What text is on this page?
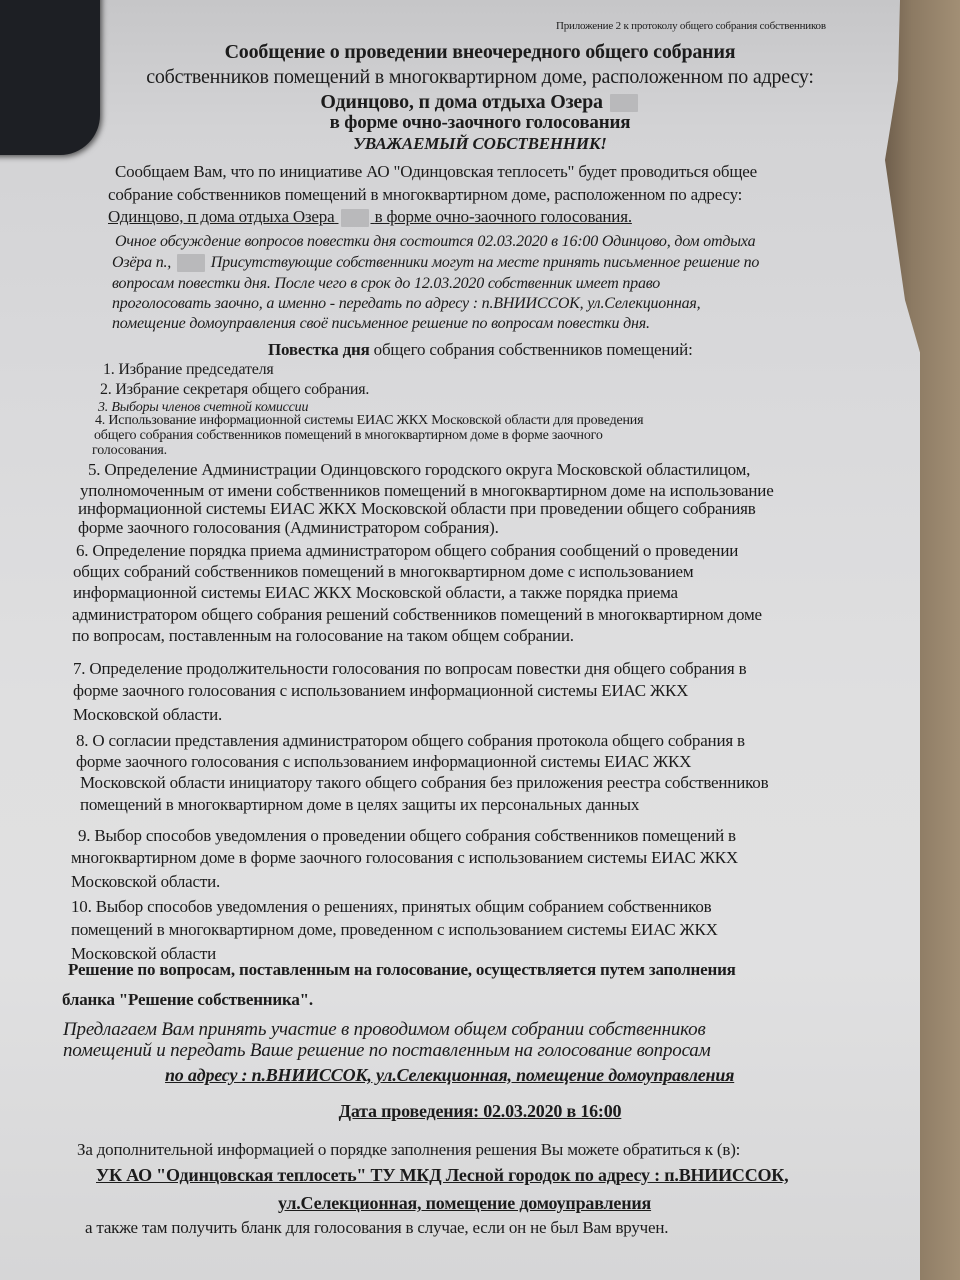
Приложение 2 к протоколу общего собрания собственников
Сообщение о проведении внеочередного общего собрания
собственников помещений в многоквартирном доме, расположенном по адресу:
Одинцово, п дома отдыха Озера
в форме очно-заочного голосования
УВАЖАЕМЫЙ СОБСТВЕННИК!
Сообщаем Вам, что по инициативе АО "Одинцовская теплосеть" будет проводиться общее
собрание собственников помещений в многоквартирном доме, расположенном по адресу:
Одинцово, п дома отдыха Озера в форме очно-заочного голосования.
Очное обсуждение вопросов повестки дня состоится 02.03.2020 в 16:00 Одинцово, дом отдыха
Озёра п., Присутствующие собственники могут на месте принять письменное решение по
вопросам повестки дня. После чего в срок до 12.03.2020 собственник имеет право
проголосовать заочно, а именно - передать по адресу : п.ВНИИССОК, ул.Селекционная,
помещение домоуправления своё письменное решение по вопросам повестки дня.
Повестка дня общего собрания собственников помещений:
1. Избрание председателя
2. Избрание секретаря общего собрания.
3. Выборы членов счетной комиссии
4. Использование информационной системы ЕИАС ЖКХ Московской области для проведения
общего собрания собственников помещений в многоквартирном доме в форме заочного
голосования.
5. Определение Администрации Одинцовского городского округа Московской областилицом,
уполномоченным от имени собственников помещений в многоквартирном доме на использование
информационной системы ЕИАС ЖКХ Московской области при проведении общего собранияв
форме заочного голосования (Администратором собрания).
6. Определение порядка приема администратором общего собрания сообщений о проведении
общих собраний собственников помещений в многоквартирном доме с использованием
информационной системы ЕИАС ЖКХ Московской области, а также порядка приема
администратором общего собрания решений собственников помещений в многоквартирном доме
по вопросам, поставленным на голосование на таком общем собрании.
7. Определение продолжительности голосования по вопросам повестки дня общего собрания в
форме заочного голосования с использованием информационной системы ЕИАС ЖКХ
Московской области.
8. О согласии представления администратором общего собрания протокола общего собрания в
форме заочного голосования с использованием информационной системы ЕИАС ЖКХ
Московской области инициатору такого общего собрания без приложения реестра собственников
помещений в многоквартирном доме в целях защиты их персональных данных
9. Выбор способов уведомления о проведении общего собрания собственников помещений в
многоквартирном доме в форме заочного голосования с использованием системы ЕИАС ЖКХ
Московской области.
10. Выбор способов уведомления о решениях, принятых общим собранием собственников
помещений в многоквартирном доме, проведенном с использованием системы ЕИАС ЖКХ
Московской области
Решение по вопросам, поставленным на голосование, осуществляется путем заполнения
бланка "Решение собственника".
Предлагаем Вам принять участие в проводимом общем собрании собственников
помещений и передать Ваше решение по поставленным на голосование вопросам
по адресу : п.ВНИИССОК, ул.Селекционная, помещение домоуправления
Дата проведения: 02.03.2020 в 16:00
За дополнительной информацией о порядке заполнения решения Вы можете обратиться к (в):
УК АО "Одинцовская теплосеть" ТУ МКД Лесной городок по адресу : п.ВНИИССОК,
ул.Селекционная, помещение домоуправления
а также там получить бланк для голосования в случае, если он не был Вам вручен.
